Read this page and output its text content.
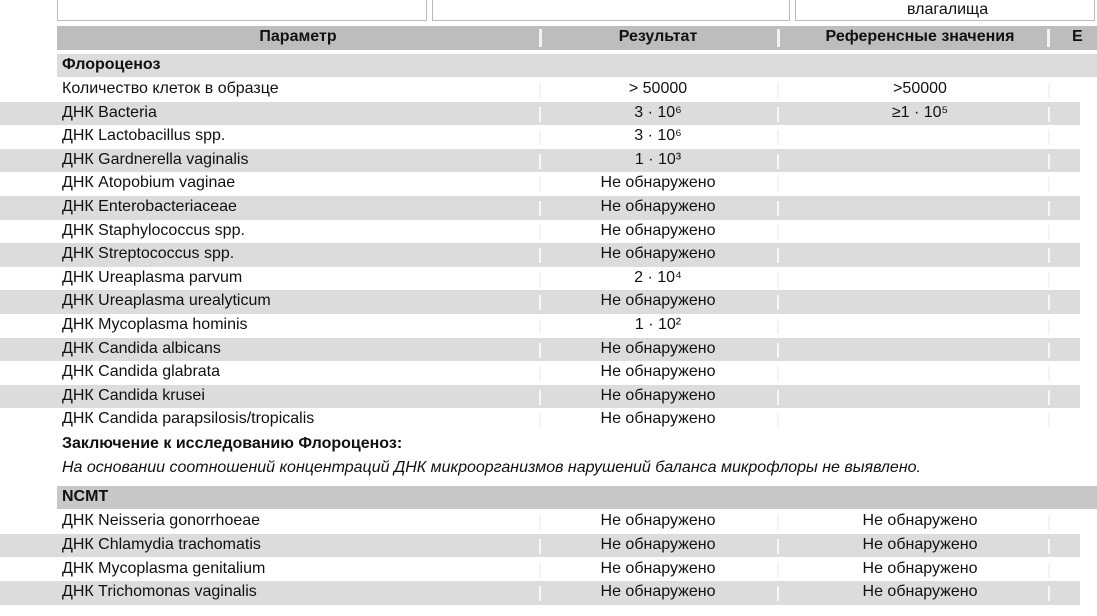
влагалища
Параметр	Результат	Референсные значения	Е
Флороценоз
Количество клеток в образце	> 50000	>50000
ДНК Bacteria	3 · 10⁶	≥1 · 10⁵
ДНК Lactobacillus spp.	3 · 10⁶
ДНК Gardnerella vaginalis	1 · 10³
ДНК Atopobium vaginae	Не обнаружено
ДНК Enterobacteriaceae	Не обнаружено
ДНК Staphylococcus spp.	Не обнаружено
ДНК Streptococcus spp.	Не обнаружено
ДНК Ureaplasma parvum	2 · 10⁴
ДНК Ureaplasma urealyticum	Не обнаружено
ДНК Mycoplasma hominis	1 · 10²
ДНК Candida albicans	Не обнаружено
ДНК Candida glabrata	Не обнаружено
ДНК Candida krusei	Не обнаружено
ДНК Candida parapsilosis/tropicalis	Не обнаружено
Заключение к исследованию Флороценоз:
На основании соотношений концентраций ДНК микроорганизмов нарушений баланса микрофлоры не выявлено.
NCMT
ДНК Neisseria gonorrhoeae	Не обнаружено	Не обнаружено
ДНК Chlamydia trachomatis	Не обнаружено	Не обнаружено
ДНК Mycoplasma genitalium	Не обнаружено	Не обнаружено
ДНК Trichomonas vaginalis	Не обнаружено	Не обнаружено
